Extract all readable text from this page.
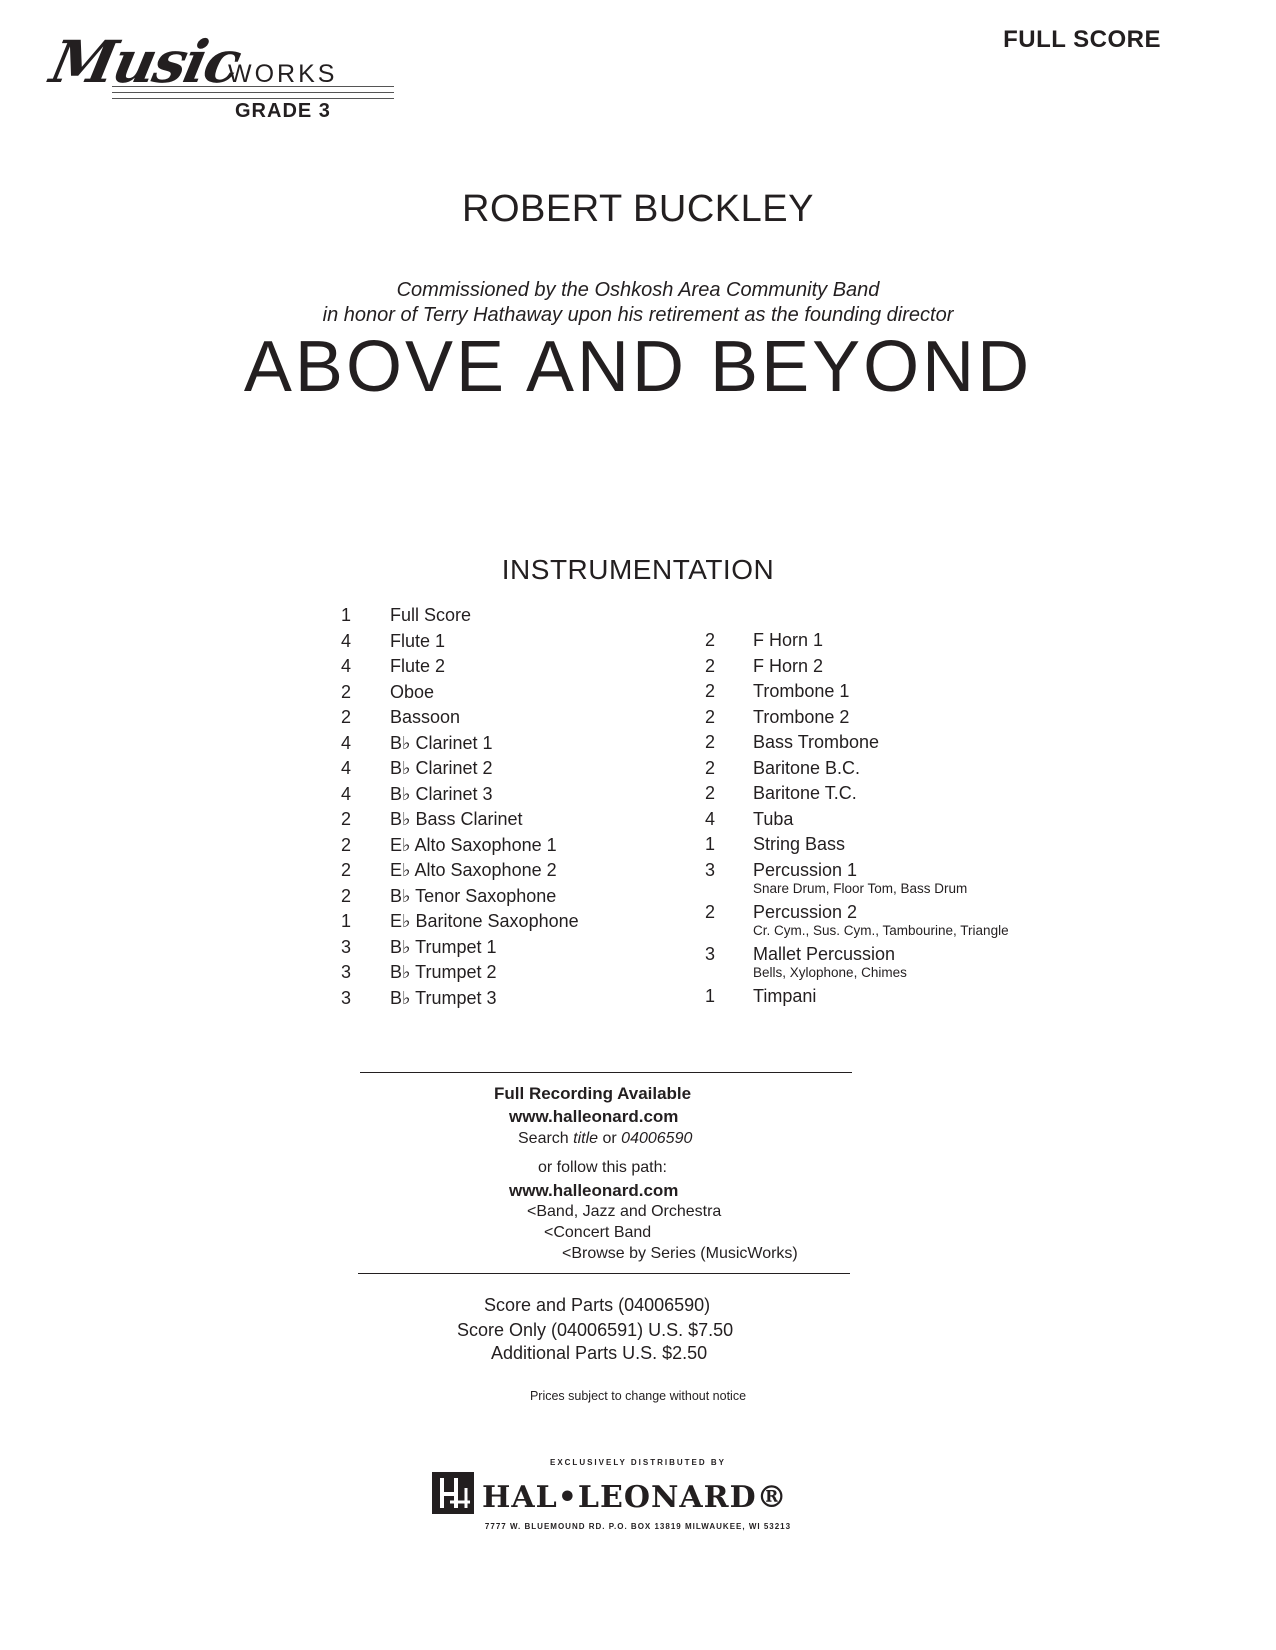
Music
WORKS
GRADE 3
FULL SCORE
ROBERT BUCKLEY
Commissioned by the Oshkosh Area Community Band
in honor of Terry Hathaway upon his retirement as the founding director
ABOVE AND BEYOND
INSTRUMENTATION
1 Full Score
4 Flute 1
4 Flute 2
2 Oboe
2 Bassoon
4 B♭ Clarinet 1
4 B♭ Clarinet 2
4 B♭ Clarinet 3
2 B♭ Bass Clarinet
2 E♭ Alto Saxophone 1
2 E♭ Alto Saxophone 2
2 B♭ Tenor Saxophone
1 E♭ Baritone Saxophone
3 B♭ Trumpet 1
3 B♭ Trumpet 2
3 B♭ Trumpet 3
2 F Horn 1
2 F Horn 2
2 Trombone 1
2 Trombone 2
2 Bass Trombone
2 Baritone B.C.
2 Baritone T.C.
4 Tuba
1 String Bass
3 Percussion 1
Snare Drum, Floor Tom, Bass Drum
2 Percussion 2
Cr. Cym., Sus. Cym., Tambourine, Triangle
3 Mallet Percussion
Bells, Xylophone, Chimes
1 Timpani
Full Recording Available
www.halleonard.com
Search title or 04006590
or follow this path:
www.halleonard.com
<Band, Jazz and Orchestra
<Concert Band
<Browse by Series (MusicWorks)
Score and Parts (04006590)
Score Only (04006591) U.S. $7.50
Additional Parts U.S. $2.50
Prices subject to change without notice
EXCLUSIVELY DISTRIBUTED BY
HAL•LEONARD®
7777 W. BLUEMOUND RD. P.O. BOX 13819 MILWAUKEE, WI 53213
